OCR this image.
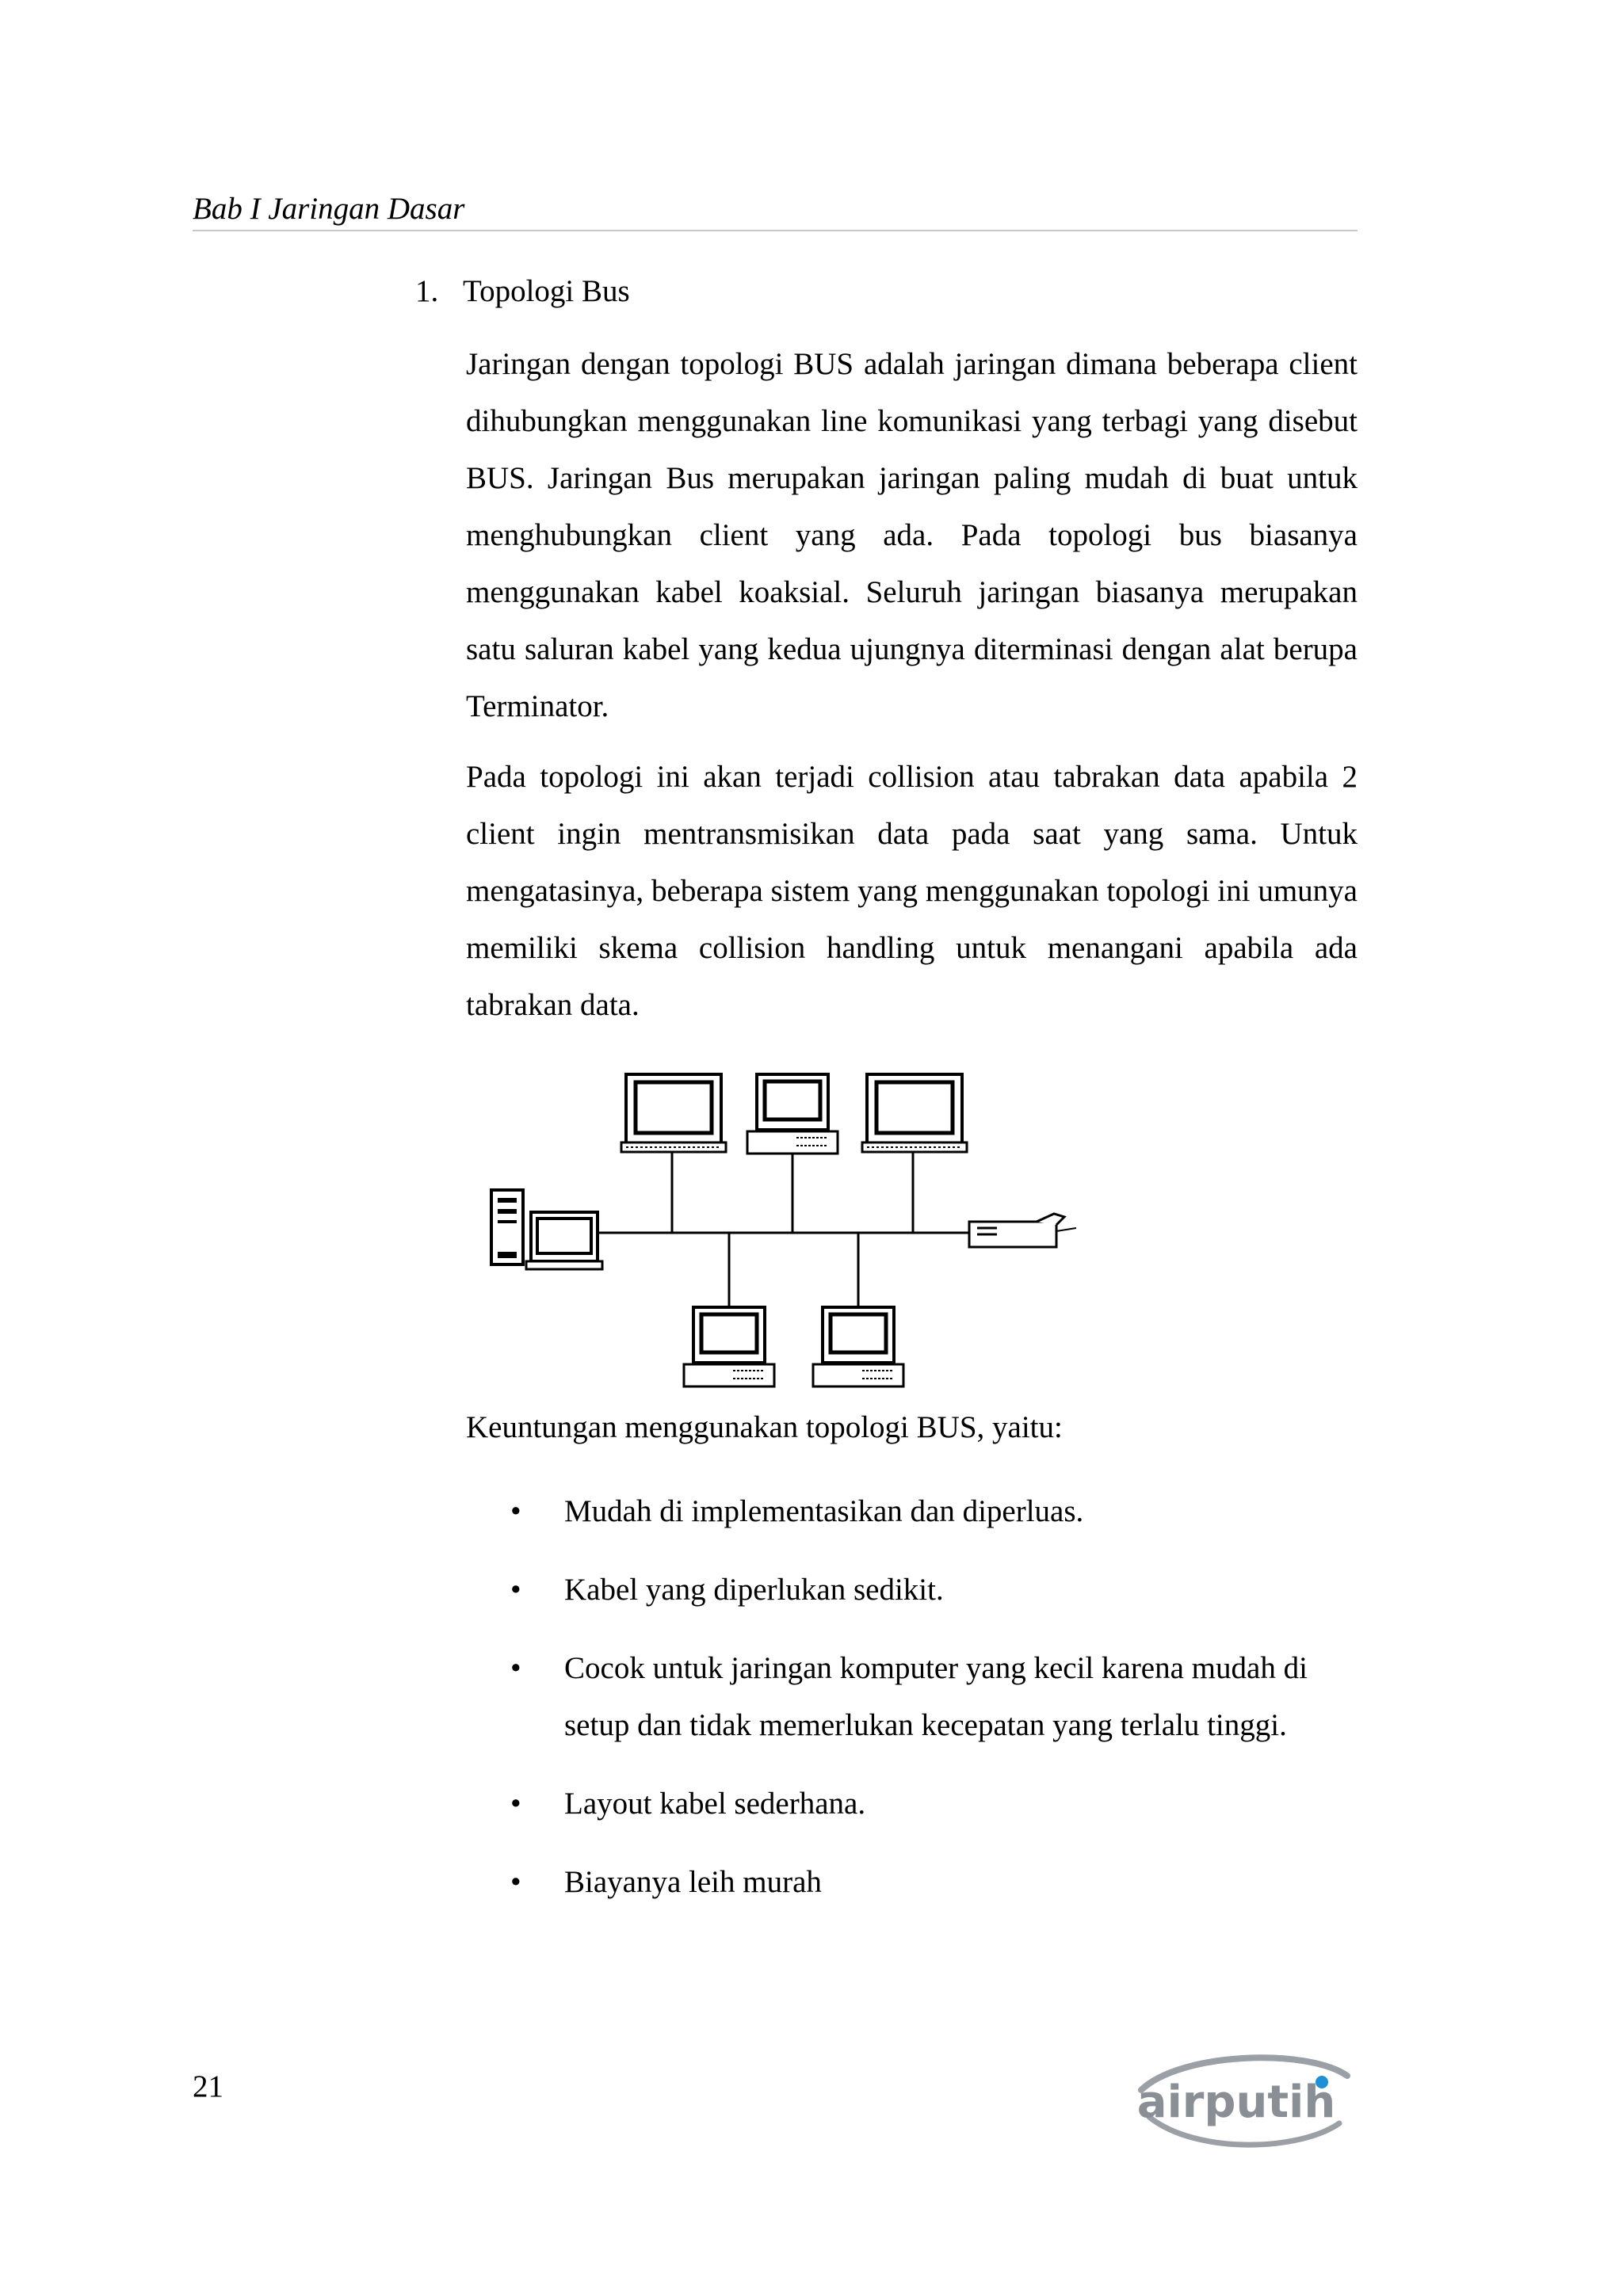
Bab I Jaringan Dasar
1. Topologi Bus

Jaringan dengan topologi BUS adalah jaringan dimana beberapa client dihubungkan menggunakan line komunikasi yang terbagi yang disebut BUS. Jaringan Bus merupakan jaringan paling mudah di buat untuk menghubungkan client yang ada. Pada topologi bus biasanya menggunakan kabel koaksial. Seluruh jaringan biasanya merupakan satu saluran kabel yang kedua ujungnya diterminasi dengan alat berupa Terminator.

Pada topologi ini akan terjadi collision atau tabrakan data apabila 2 client ingin mentransmisikan data pada saat yang sama. Untuk mengatasinya, beberapa sistem yang menggunakan topologi ini umunya memiliki skema collision handling untuk menangani apabila ada tabrakan data.

Keuntungan menggunakan topologi BUS, yaitu:

• Mudah di implementasikan dan diperluas.
• Kabel yang diperlukan sedikit.
• Cocok untuk jaringan komputer yang kecil karena mudah di setup dan tidak memerlukan kecepatan yang terlalu tinggi.
• Layout kabel sederhana.
• Biayanya leih murah
21	airputih
